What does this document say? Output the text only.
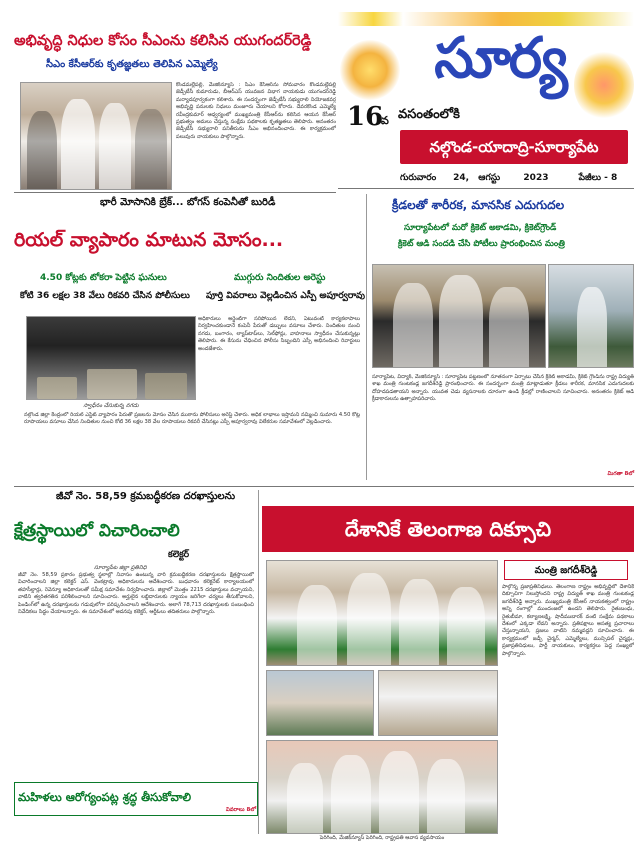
సూర్య
16
వ వసంతంలోకి
నల్గొండ-యాదాద్రి-సూర్యాపేట
గురువారం 24, ఆగస్టు	2023	పేజీలు - 8
అభివృద్ధి నిధుల కోసం సీఎంను కలిసిన యుగందర్‌రెడ్డి
సీఎం కేసీఆర్‌కు కృతజ్ఞతలు తెలిపిన ఎమ్మెల్యే
కొండమల్లేపల్లి, మేజిక్‌న్యూస్ : సీఎం కేసీఆర్‌ను సోమవారం కొండమల్లేపల్లి జెడ్పీటీసీ కుమారుడు, బీఆర్ఎస్ యువజన విభాగ నాయకుడు యుగందర్‌రెడ్డి మర్యాదపూర్వకంగా కలిశారు. ఈ సందర్భంగా జెడ్పీటీసీ సభ్యురాలి నియోజకవర్గ అభివృద్ధి పనులకు నిధులు మంజూరు చేయాలని కోరారు. దేవరకొండ ఎమ్మెల్యే రవీంద్రకుమార్ ఆధ్వర్యంలో ముఖ్యమంత్రి కేసీఆర్‌ను కలిసిన ఆయన కేసీఆర్ ప్రభుత్వం అమలు చేస్తున్న సంక్షేమ పథకాలకు కృతజ్ఞతలు తెలిపారు. అనంతరం జెడ్పీటీసీ సభ్యురాలి పనితీరును సీఎం అభినందించారు. ఈ కార్యక్రమంలో పలువురు నాయకులు పాల్గొన్నారు.
భారీ మోసానికి బ్రేక్... బోగస్ కంపెనీతో బురిడీ
రియల్ వ్యాపారం మాటున మోసం...
4.50 కోట్లకు టోకరా పెట్టిన ఘనులు	ముగ్గురు నిందితుల అరెస్టు
కోటి 36 లక్షల 38 వేలు రికవరి చేసిన పోలీసులు	పూర్తి వివరాలు వెల్లడించిన ఎస్పీ అపూర్వరావు
స్వాధీనం చేసుకున్న నగదు
అధికారులు అర్జెంట్‌గా సరిపోయిన లేదని, ఏటువంటి కార్యకలాపాలు నిర్వహించకుండానే కంపెనీ పేరుతో డబ్బులు వసూలు చేశారు. నిందితుల నుంచి నగదు, బంగారం, ల్యాప్‌టాప్‌లు, సెల్‌ఫోన్లు, వాహనాలు స్వాధీనం చేసుకున్నట్లు తెలిపారు. ఈ కేసును చేధించిన పోలీసు సిబ్బందిని ఎస్పీ అభినందించి రివార్డులు అందజేశారు.
నల్గొండ జిల్లా కేంద్రంలో రియల్ ఎస్టేట్ వ్యాపారం పేరుతో ప్రజలను మోసం చేసిన ముఠాను పోలీసులు అరెస్ట్ చేశారు. అధిక లాభాలు ఇస్తామని నమ్మించి సుమారు 4.50 కోట్ల రూపాయలు వసూలు చేసిన నిందితుల నుంచి కోటి 36 లక్షల 38 వేల రూపాయలు రికవరీ చేసినట్లు ఎస్పీ అపూర్వరావు విలేకరుల సమావేశంలో వెల్లడించారు.
క్రీడలతో శారీరక, మానసిక ఎదుగుదల
సూర్యాపేటలో మరో క్రికెట్ అకాడమి, క్రికెట్‌గ్రౌండ్
క్రికెట్ ఆడి సందడి చేసి పోటీలు ప్రారంభించిన మంత్రి
సూర్యాపేట, విద్యాక్, మేజిక్‌న్యూస్ : సూర్యాపేట పట్టణంలో నూతనంగా ఏర్పాటు చేసిన క్రికెట్ అకాడమీ, క్రికెట్ గ్రౌండ్‌ను రాష్ట్ర విద్యుత్ శాఖ మంత్రి గుంటకండ్ల జగదీశ్‌రెడ్డి ప్రారంభించారు. ఈ సందర్భంగా మంత్రి మాట్లాడుతూ క్రీడలు శారీరక, మానసిక ఎదుగుదలకు దోహదపడతాయని అన్నారు. యువత చెడు వ్యసనాలకు దూరంగా ఉండి క్రీడల్లో రాణించాలని సూచించారు. అనంతరం క్రికెట్ ఆడి క్రీడాకారులను ఉత్సాహపరిచారు.
మిగతా 8లో
జీవో నెం. 58,59 క్రమబద్ధీకరణ దరఖాస్తులను
క్షేత్రస్థాయిలో విచారించాలి
కలెక్టర్
సూర్యాపేట జిల్లా ప్రతినిధి
జీవో నెం. 58,59 ప్రకారం ప్రభుత్వ స్థలాల్లో నివాసం ఉంటున్న వారి క్రమబద్ధీకరణ దరఖాస్తులను క్షేత్రస్థాయిలో విచారించాలని జిల్లా కలెక్టర్ ఎస్. వెంకట్రావు అధికారులను ఆదేశించారు. బుధవారం కలెక్టరేట్ కార్యాలయంలో తహసీల్దార్లు, రెవెన్యూ అధికారులతో సమీక్ష సమావేశం నిర్వహించారు. జిల్లాలో మొత్తం 2215 దరఖాస్తులు వచ్చాయని, వాటిని త్వరితగతిన పరిశీలించాలని సూచించారు. అర్హులైన లబ్దిదారులకు న్యాయం జరిగేలా చర్యలు తీసుకోవాలని, పెండింగ్‌లో ఉన్న దరఖాస్తులను గడువులోగా పరిష్కరించాలని ఆదేశించారు. అలాగే 78,713 దరఖాస్తులకు సంబంధించి నివేదికలు సిద్ధం చేయాలన్నారు. ఈ సమావేశంలో అదనపు కలెక్టర్, ఆర్డీఓలు తదితరులు పాల్గొన్నారు.
మహిళలు ఆరోగ్యంపట్ల శ్రద్ధ తీసుకోవాలి
వివరాలు 8లో
దేశానికే తెలంగాణ దిక్సూచి
మంత్రి జగదీశ్‌రెడ్డి
పెరిగింది, మేజిక్‌న్యూస్ పెరిగింది, రాష్ట్రపతి ఆవాస వ్యవసాయం
పాల్గొన్న ప్రజాప్రతినిధులు. తెలంగాణ రాష్ట్రం అభివృద్ధిలో దేశానికే దిక్సూచిగా నిలుస్తోందని రాష్ట్ర విద్యుత్ శాఖ మంత్రి గుంటకండ్ల జగదీశ్‌రెడ్డి అన్నారు. ముఖ్యమంత్రి కేసీఆర్ నాయకత్వంలో రాష్ట్రం అన్ని రంగాల్లో ముందంజలో ఉందని తెలిపారు. రైతుబంధు, రైతుబీమా, కల్యాణలక్ష్మి, షాదీముబారక్ వంటి సంక్షేమ పథకాలు దేశంలో ఎక్కడా లేవని అన్నారు. ప్రతిపక్షాలు అసత్య ప్రచారాలు చేస్తున్నాయని, ప్రజలు వాటిని నమ్మవద్దని సూచించారు. ఈ కార్యక్రమంలో జడ్పీ చైర్మన్, ఎమ్మెల్యేలు, మున్సిపల్ చైర్మన్లు, ప్రజాప్రతినిధులు, పార్టీ నాయకులు, కార్యకర్తలు పెద్ద సంఖ్యలో పాల్గొన్నారు.
